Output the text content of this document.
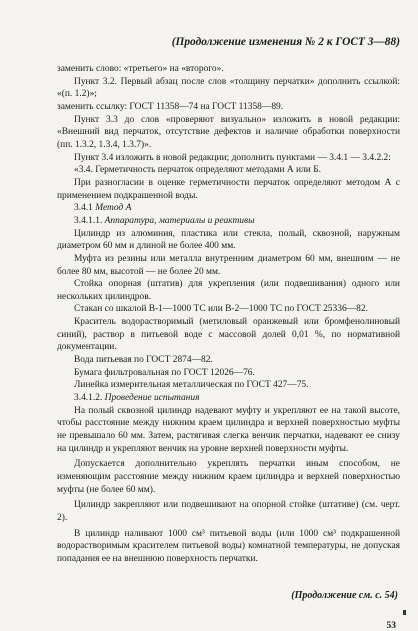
(Продолжение изменения № 2 к ГОСТ 3—88)

заменить слово: «третьего» на «второго».

Пункт 3.2. Первый абзац после слов «толщину перчатки» дополнить ссылкой: «(п. 1.2)»;

заменить ссылку: ГОСТ 11358—74 на ГОСТ 11358—89.

Пункт 3.3 до слов «проверяют визуально» изложить в новой редакции: «Внешний вид перчаток, отсутствие дефектов и наличие обработки поверхности (пп. 1.3.2, 1.3.4, 1.3.7)».

Пункт 3.4 изложить в новой редакции; дополнить пунктами — 3.4.1 — 3.4.2.2:

«3.4. Герметичность перчаток определяют методами А или Б.

При разногласии в оценке герметичности перчаток определяют методом А с применением подкрашенной воды.

3.4.1 Метод А

3.4.1.1. Аппаратура, материалы и реактивы

Цилиндр из алюминия, пластика или стекла, полый, сквозной, наружным диаметром 60 мм и длиной не более 400 мм.

Муфта из резины или металла внутренним диаметром 60 мм, внешним — не более 80 мм, высотой — не более 20 мм.

Стойка опорная (штатив) для укрепления (или подвешивания) одного или нескольких цилиндров.

Стакан со шкалой В-1—1000 ТС или В-2—1000 ТС по ГОСТ 25336—82.

Краситель водорастворимый (метиловый оранжевый или бромфенолиновый синий), раствор в питьевой воде с массовой долей 0,01 %, по нормативной документации.

Вода питьевая по ГОСТ 2874—82.

Бумага фильтровальная по ГОСТ 12026—76.

Линейка измерительная металлическая по ГОСТ 427—75.

3.4.1.2. Проведение испытания

На полый сквозной цилиндр надевают муфту и укрепляют ее на такой высоте, чтобы расстояние между нижним краем цилиндра и верхней поверхностью муфты не превышало 60 мм. Затем, растягивая слегка венчик перчатки, надевают ее снизу на цилиндр и укрепляют венчик на уровне верхней поверхности муфты.

Допускается дополнительно укреплять перчатки иным способом, не изменяющим расстояние между нижним краем цилиндра и верхней поверхностью муфты (не более 60 мм).

Цилиндр закрепляют или подвешивают на опорной стойке (штативе) (см. черт. 2).

В цилиндр наливают 1000 см³ питьевой воды (или 1000 см³ подкрашенной водорастворимым красителем питьевой воды) комнатной температуры, не допуская попадания ее на внешнюю поверхность перчатки.

(Продолжение см. с. 54)
53
